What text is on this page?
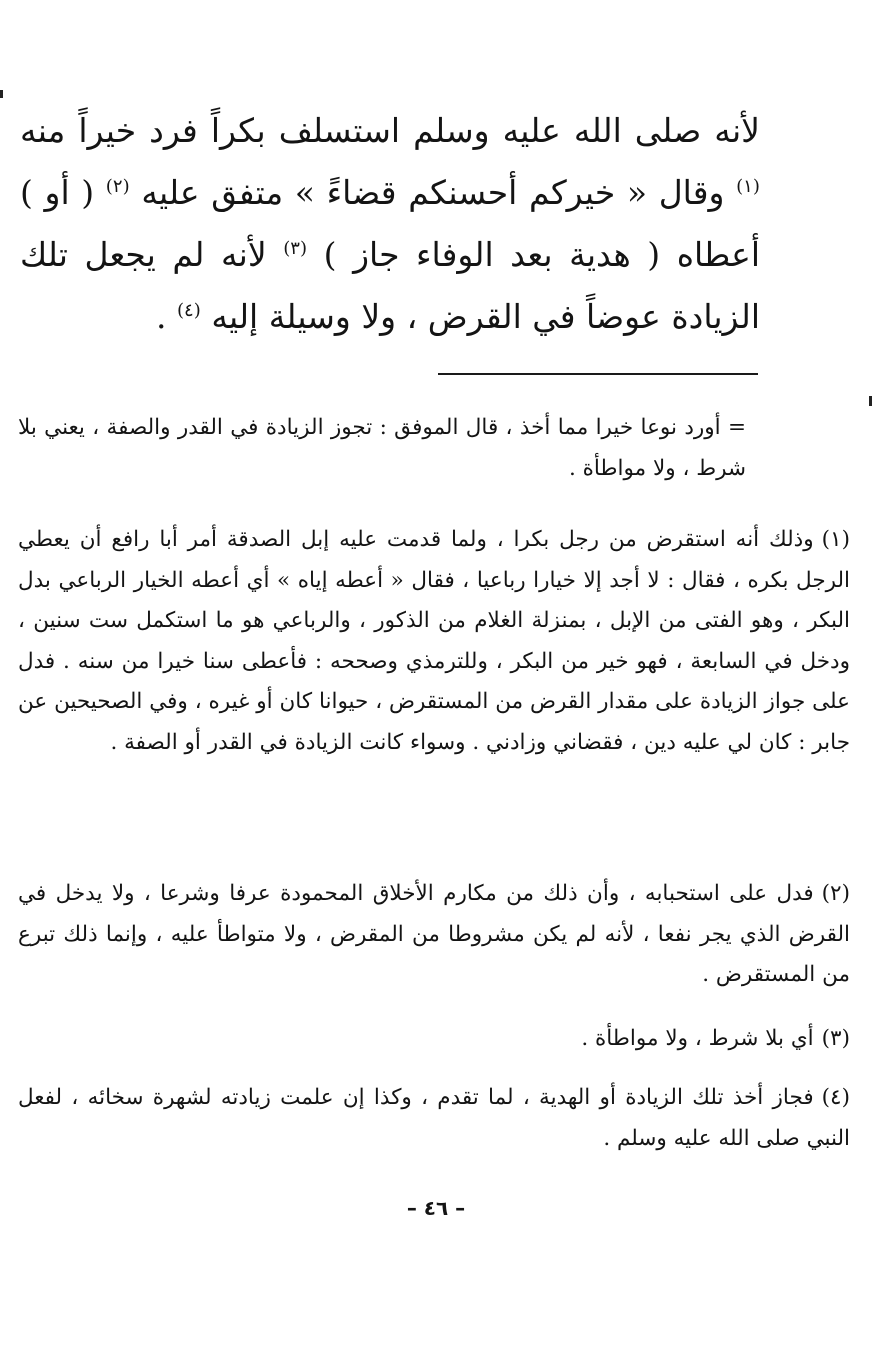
لأنه صلى الله عليه وسلم استسلف بكراً فرد خيراً منه $^{(١)}$ وقال « خيركم أحسنكم قضاءً » متفق عليه $^{(٢)}$ ( أو ) أعطاه ( هدية بعد الوفاء جاز ) $^{(٣)}$ لأنه لم يجعل تلك الزيادة عوضاً في القرض ، ولا وسيلة إليه $^{(٤)}$ .
= أورد نوعا خيرا مما أخذ ، قال الموفق : تجوز الزيادة في القدر والصفة ، يعني بلا شرط ، ولا مواطأة .
(١)وذلك أنه استقرض من رجل بكرا ، ولما قدمت عليه إبل الصدقة أمر أبا رافع أن يعطي الرجل بكره ، فقال : لا أجد إلا خيارا رباعيا ، فقال « أعطه إياه » أي أعطه الخيار الرباعي بدل البكر ، وهو الفتى من الإبل ، بمنزلة الغلام من الذكور ، والرباعي هو ما استكمل ست سنين ، ودخل في السابعة ، فهو خير من البكر ، وللترمذي وصححه : فأعطى سنا خيرا من سنه . فدل على جواز الزيادة على مقدار القرض من المستقرض ، حيوانا كان أو غيره ، وفي الصحيحين عن جابر : كان لي عليه دين ، فقضاني وزادني . وسواء كانت الزيادة في القدر أو الصفة .
(٢)فدل على استحبابه ، وأن ذلك من مكارم الأخلاق المحمودة عرفا وشرعا ، ولا يدخل في القرض الذي يجر نفعا ، لأنه لم يكن مشروطا من المقرض ، ولا متواطأ عليه ، وإنما ذلك تبرع من المستقرض .
(٣)أي بلا شرط ، ولا مواطأة .
(٤)فجاز أخذ تلك الزيادة أو الهدية ، لما تقدم ، وكذا إن علمت زيادته لشهرة سخائه ، لفعل النبي صلى الله عليه وسلم .
– ٤٦ –
